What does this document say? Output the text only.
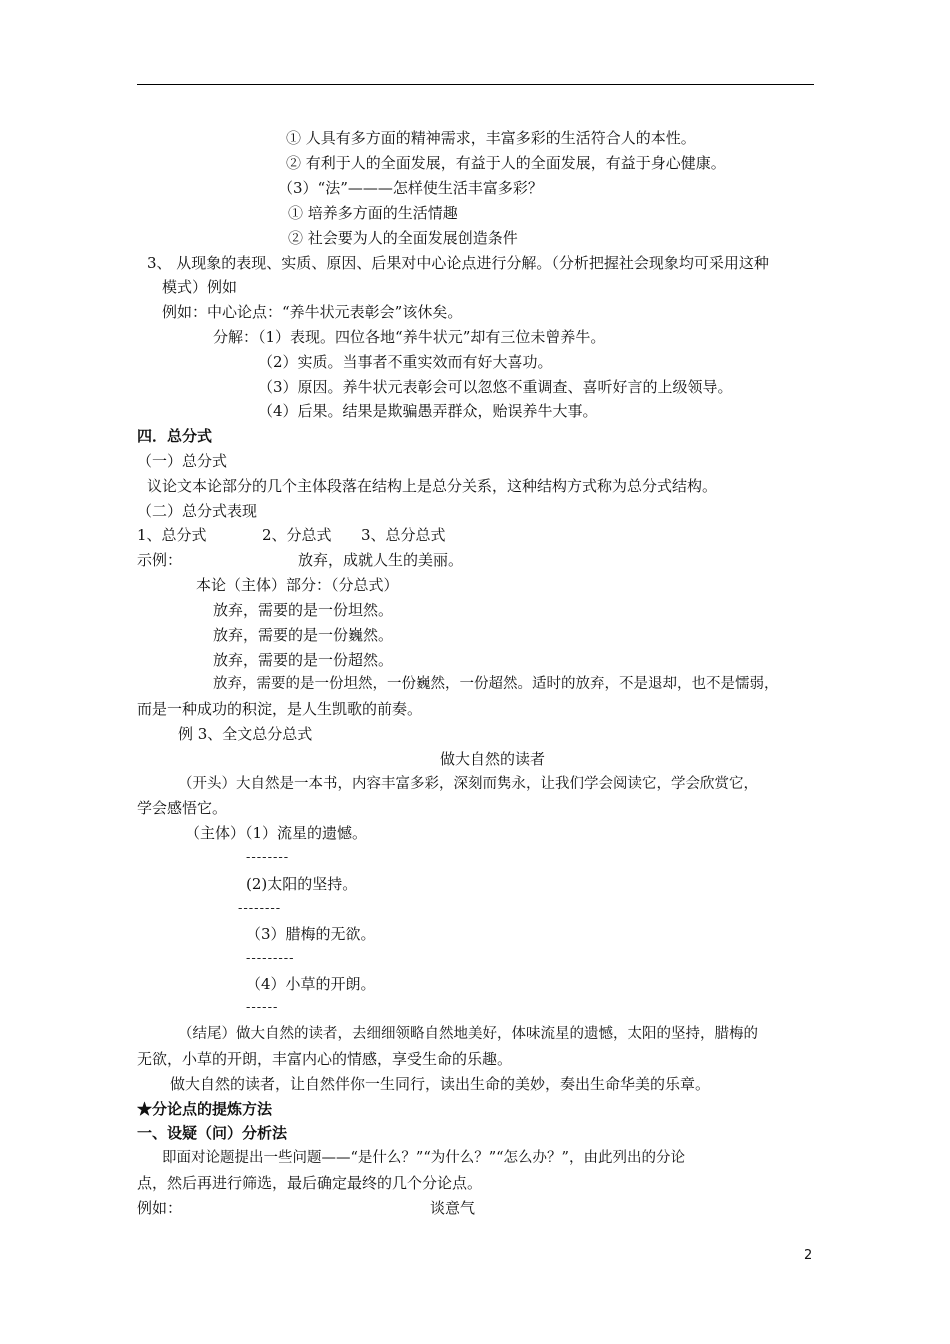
① 人具有多方面的精神需求，丰富多彩的生活符合人的本性。
② 有利于人的全面发展，有益于人的全面发展，有益于身心健康。
（3）“法”———怎样使生活丰富多彩？
① 培养多方面的生活情趣
② 社会要为人的全面发展创造条件
3、 从现象的表现、实质、原因、后果对中心论点进行分解。（分析把握社会现象均可采用这种
模式）例如
例如：中心论点：“养牛状元表彰会”该休矣。
分解：（1）表现。四位各地“养牛状元”却有三位未曾养牛。
（2）实质。当事者不重实效而有好大喜功。
（3）原因。养牛状元表彰会可以忽悠不重调查、喜听好言的上级领导。
（4）后果。结果是欺骗愚弄群众，贻误养牛大事。
四．总分式
（一）总分式
议论文本论部分的几个主体段落在结构上是总分关系，这种结构方式称为总分式结构。
（二）总分式表现
1、总分式	2、分总式 3、总分总式
示例：	放弃，成就人生的美丽。
本论（主体）部分：（分总式）
放弃，需要的是一份坦然。
放弃，需要的是一份巍然。
放弃，需要的是一份超然。
放弃，需要的是一份坦然，一份巍然，一份超然。适时的放弃，不是退却，也不是懦弱，
而是一种成功的积淀，是人生凯歌的前奏。
例 3、全文总分总式
做大自然的读者
（开头）大自然是一本书，内容丰富多彩，深刻而隽永，让我们学会阅读它，学会欣赏它，
学会感悟它。
（主体）（1）流星的遗憾。
--------
(2)太阳的坚持。
--------
（3）腊梅的无欲。
---------
（4）小草的开朗。
------
（结尾）做大自然的读者，去细细领略自然地美好，体味流星的遗憾，太阳的坚持，腊梅的
无欲，小草的开朗，丰富内心的情感，享受生命的乐趣。
做大自然的读者，让自然伴你一生同行，读出生命的美妙，奏出生命华美的乐章。
★分论点的提炼方法
一、设疑（问）分析法
即面对论题提出一些问题——“是什么？”“为什么？”“怎么办？”，由此列出的分论
点，然后再进行筛选，最后确定最终的几个分论点。
例如：	谈意气
2
